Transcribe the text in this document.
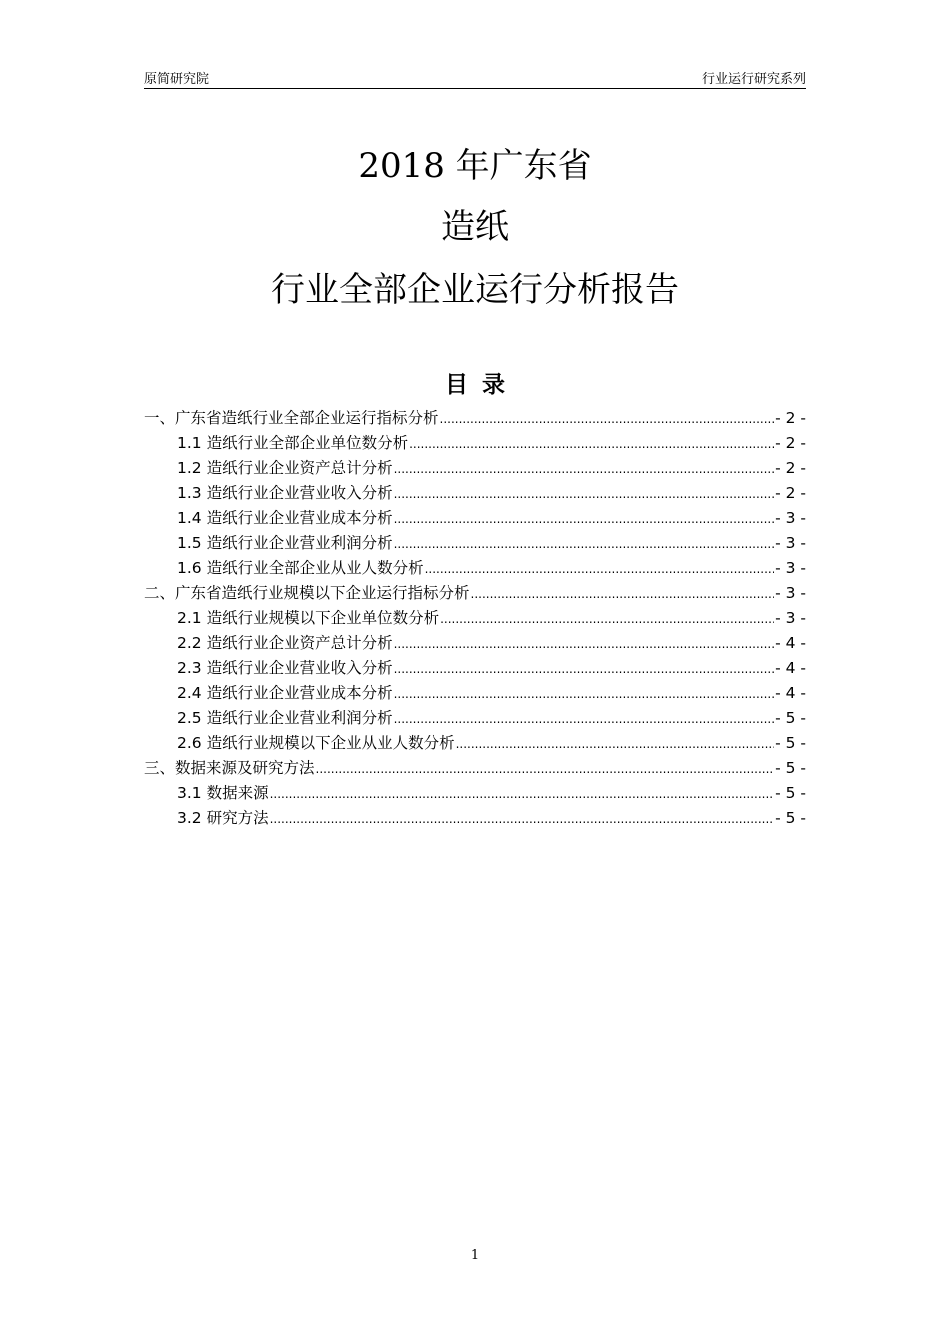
原简研究院	行业运行研究系列
2018 年广东省
造纸
行业全部企业运行分析报告
目录
一、广东省造纸行业全部企业运行指标分析 .....	- 2 -
1.1 造纸行业全部企业单位数分析 .....	- 2 -
1.2 造纸行业企业资产总计分析 .....	- 2 -
1.3 造纸行业企业营业收入分析 .....	- 2 -
1.4 造纸行业企业营业成本分析 .....	- 3 -
1.5 造纸行业企业营业利润分析 .....	- 3 -
1.6 造纸行业全部企业从业人数分析 .....	- 3 -
二、广东省造纸行业规模以下企业运行指标分析 .....	- 3 -
2.1 造纸行业规模以下企业单位数分析 .....	- 3 -
2.2 造纸行业企业资产总计分析 .....	- 4 -
2.3 造纸行业企业营业收入分析 .....	- 4 -
2.4 造纸行业企业营业成本分析 .....	- 4 -
2.5 造纸行业企业营业利润分析 .....	- 5 -
2.6 造纸行业规模以下企业从业人数分析 .....	- 5 -
三、数据来源及研究方法 .....	- 5 -
3.1 数据来源 .....	- 5 -
3.2 研究方法 .....	- 5 -
1
